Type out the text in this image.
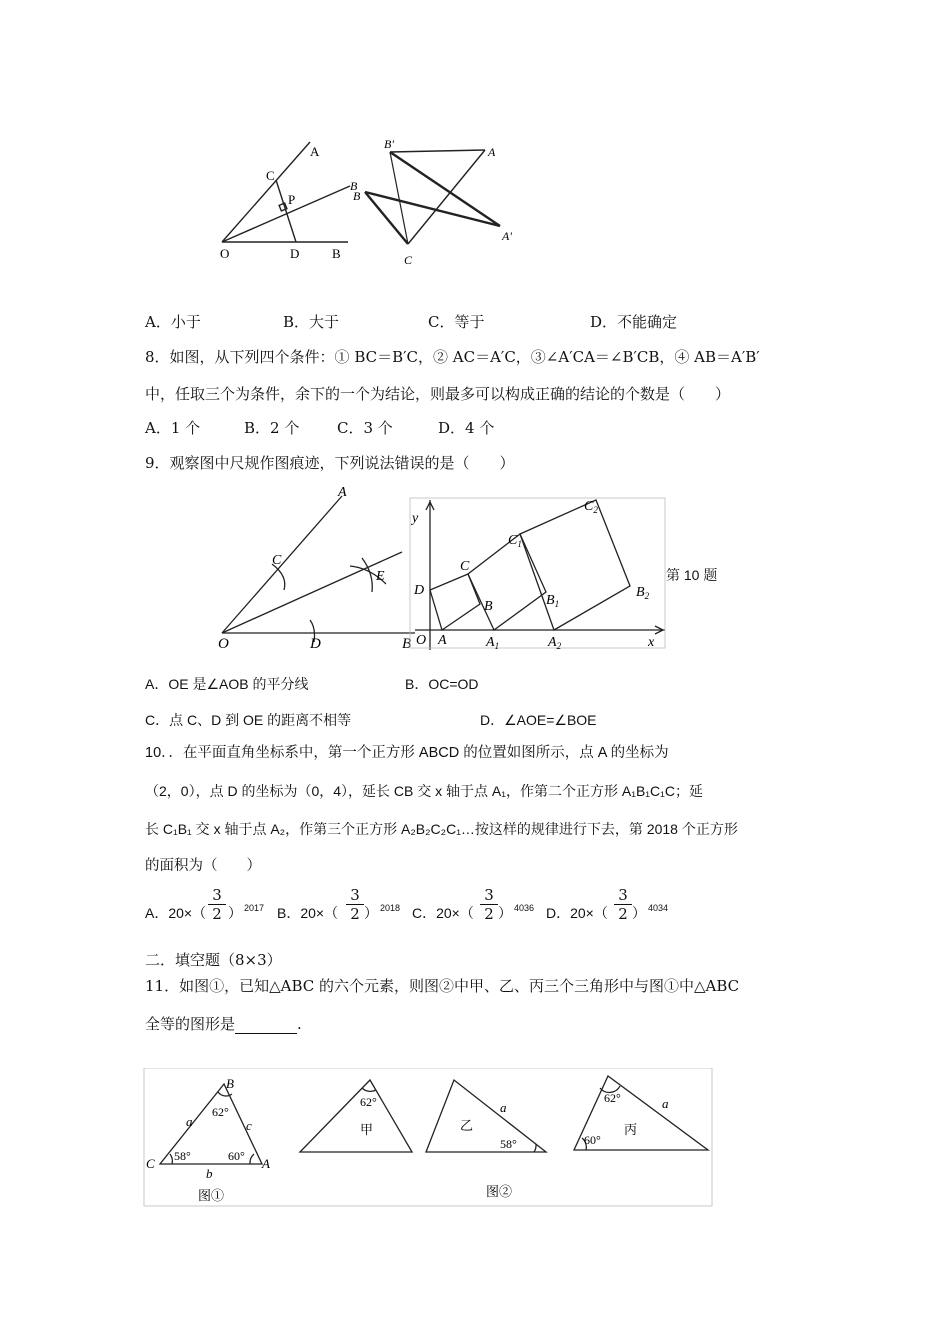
A
C
P
B
O	D	B
B'
A
B
A'
C
A．小于	B．大于	C．等于	D．不能确定
8．如图，从下列四个条件：① BC＝B′C，② AC＝A′C，③∠A′CA＝∠B′CB，④ AB＝A′B′
中，任取三个为条件，余下的一个为结论，则最多可以构成正确的结论的个数是（　　）
A．1 个	B．2 个	C．3 个	D．4 个
9．观察图中尺规作图痕迹，下列说法错误的是（　　）
A
C
E
O	D	B
y
$C_2$
$C_1$
C
D
B	$B_1$
$B_2$
O A	$A_1$	$A_2$	x
第 10 题
A．OE 是∠AOB 的平分线	B．OC=OD
C．点 C、D 到 OE 的距离不相等	D．∠AOE=∠BOE
10．．在平面直角坐标系中，第一个正方形 ABCD 的位置如图所示，点 A 的坐标为
（2，0），点 D 的坐标为（0，4），延长 CB 交 x 轴于点 A₁，作第二个正方形 A₁B₁C₁C；延
长 C₁B₁ 交 x 轴于点 A₂，作第三个正方形 A₂B₂C₂C₁…按这样的规律进行下去，第 2018 个正方形
的面积为（　　）
A．$20\times( \frac{3}{2}$ ） 2017 B．$20\times( \frac{3}{2}$ ） 2018 C．$20\times( \frac{3}{2}$ ） 4036 D．$20\times( \frac{3}{2}$ ） 4034
二．填空题（8×3）
11．如图①，已知△ABC 的六个元素，则图②中甲、乙、丙三个三角形中与图①中△ABC
全等的图形是	.
B
a
62°
c
C 58°	60° A
b
图①
62°
甲
a
乙
58°
图②
62°	a
丙
60°
